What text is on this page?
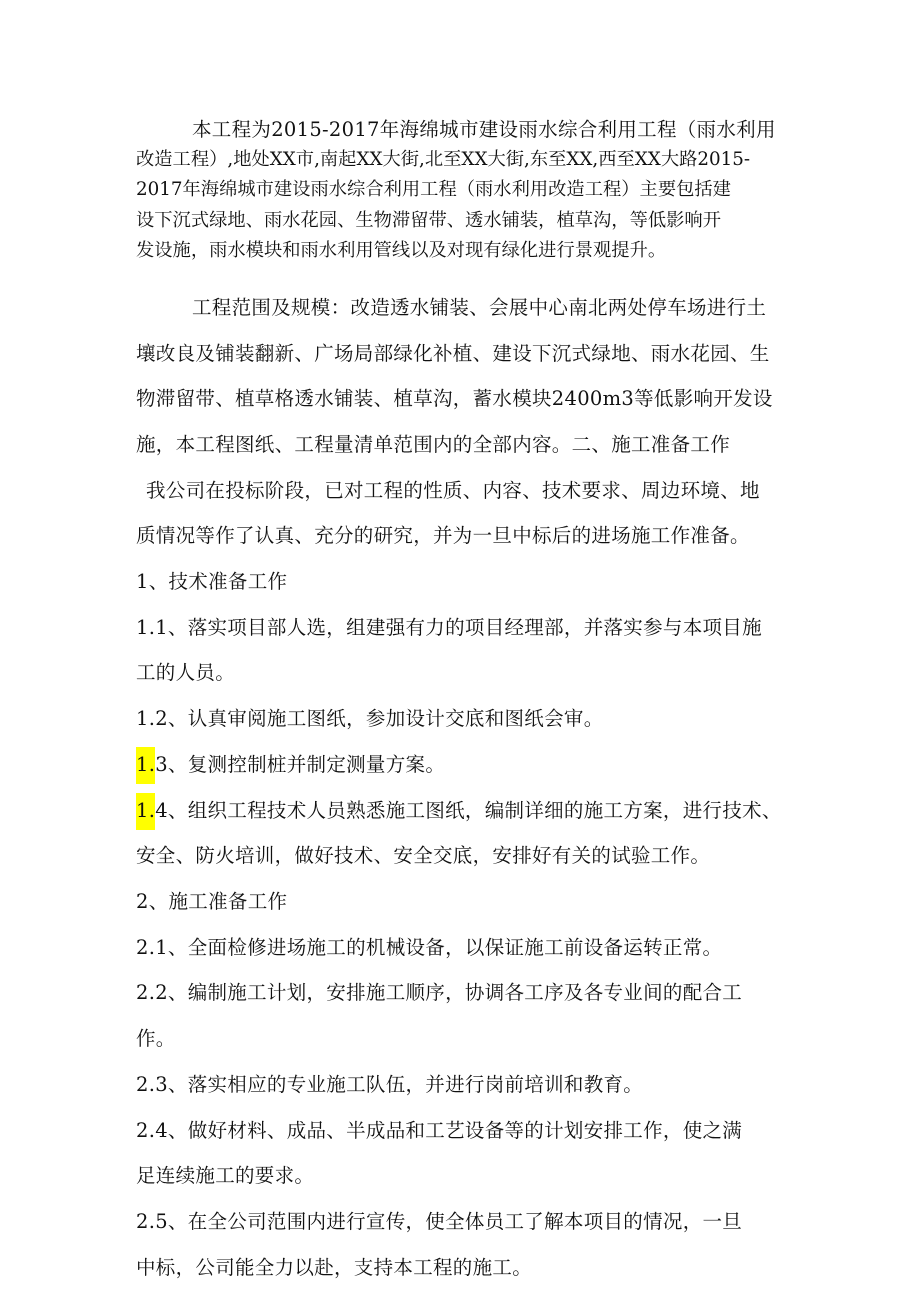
本工程为2015-2017年海绵城市建设雨水综合利用工程（雨水利用
改造工程）,地处XX市,南起XX大街,北至XX大街,东至XX,西至XX大路2015-
2017年海绵城市建设雨水综合利用工程（雨水利用改造工程）主要包括建
设下沉式绿地、雨水花园、生物滞留带、透水铺装，植草沟，等低影响开
发设施，雨水模块和雨水利用管线以及对现有绿化进行景观提升。
工程范围及规模：改造透水铺装、会展中心南北两处停车场进行土
壤改良及铺装翻新、广场局部绿化补植、建设下沉式绿地、雨水花园、生
物滞留带、植草格透水铺装、植草沟，蓄水模块2400m3等低影响开发设
施，本工程图纸、工程量清单范围内的全部内容。二、施工准备工作
我公司在投标阶段，已对工程的性质、内容、技术要求、周边环境、地
质情况等作了认真、充分的研究，并为一旦中标后的进场施工作准备。
1、技术准备工作
1.1、落实项目部人选，组建强有力的项目经理部，并落实参与本项目施
工的人员。
1.2、认真审阅施工图纸，参加设计交底和图纸会审。
1.3、复测控制桩并制定测量方案。
1.4、组织工程技术人员熟悉施工图纸，编制详细的施工方案，进行技术、
安全、防火培训，做好技术、安全交底，安排好有关的试验工作。
2、施工准备工作
2.1、全面检修进场施工的机械设备，以保证施工前设备运转正常。
2.2、编制施工计划，安排施工顺序，协调各工序及各专业间的配合工
作。
2.3、落实相应的专业施工队伍，并进行岗前培训和教育。
2.4、做好材料、成品、半成品和工艺设备等的计划安排工作，使之满
足连续施工的要求。
2.5、在全公司范围内进行宣传，使全体员工了解本项目的情况，一旦
中标，公司能全力以赴，支持本工程的施工。
